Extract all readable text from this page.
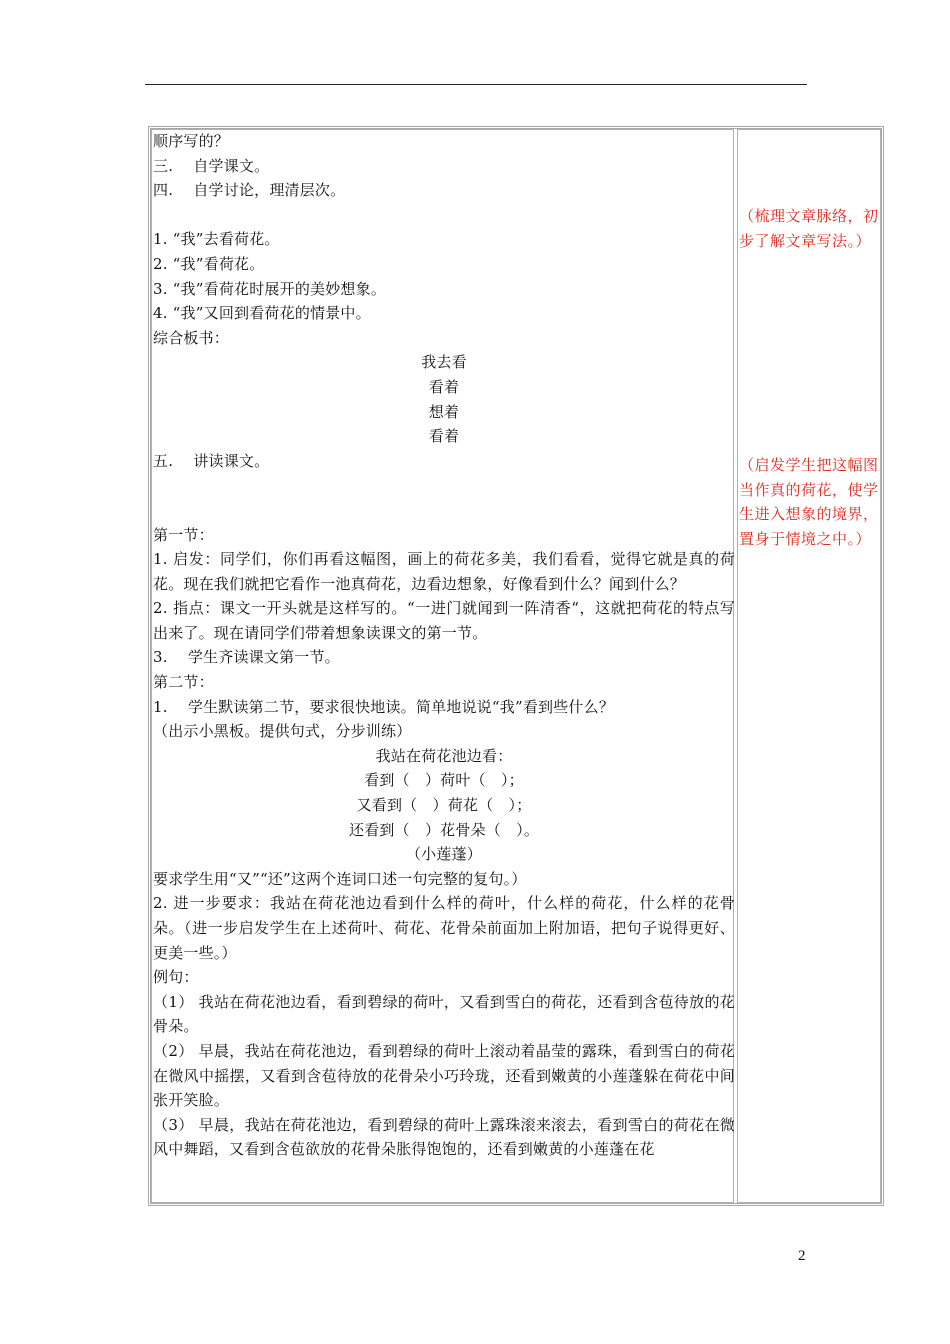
顺序写的？
三.　 自学课文。
四.　 自学讨论，理清层次。
1. “我”去看荷花。
2. “我”看荷花。
3. “我”看荷花时展开的美妙想象。
4. “我”又回到看荷花的情景中。
综合板书：
我去看
看着
想着
看着
五.　 讲读课文。
第一节：
1. 启发：同学们，你们再看这幅图，画上的荷花多美，我们看看，觉得它就是真的荷花。现在我们就把它看作一池真荷花，边看边想象，好像看到什么？闻到什么？
2. 指点：课文一开头就是这样写的。“一进门就闻到一阵清香“，这就把荷花的特点写出来了。现在请同学们带着想象读课文的第一节。
3.　 学生齐读课文第一节。
第二节：
1.　 学生默读第二节，要求很快地读。简单地说说“我”看到些什么？
（出示小黑板。提供句式，分步训练）
我站在荷花池边看：
看到（　）荷叶（　）；
又看到（　）荷花（　）；
还看到（　）花骨朵（　）。
（小莲蓬）
要求学生用“又”“还”这两个连词口述一句完整的复句。）
2. 进一步要求：我站在荷花池边看到什么样的荷叶，什么样的荷花，什么样的花骨朵。（进一步启发学生在上述荷叶、荷花、花骨朵前面加上附加语，把句子说得更好、更美一些。）
例句：
（1） 我站在荷花池边看，看到碧绿的荷叶，又看到雪白的荷花，还看到含苞待放的花骨朵。
（2） 早晨，我站在荷花池边，看到碧绿的荷叶上滚动着晶莹的露珠，看到雪白的荷花在微风中摇摆，又看到含苞待放的花骨朵小巧玲珑，还看到嫩黄的小莲蓬躲在荷花中间张开笑脸。
（3） 早晨，我站在荷花池边，看到碧绿的荷叶上露珠滚来滚去，看到雪白的荷花在微风中舞蹈，又看到含苞欲放的花骨朵胀得饱饱的，还看到嫩黄的小莲蓬在花
（梳理文章脉络，初步了解文章写法。）
（启发学生把这幅图当作真的荷花，使学生进入想象的境界，置身于情境之中。）
2
